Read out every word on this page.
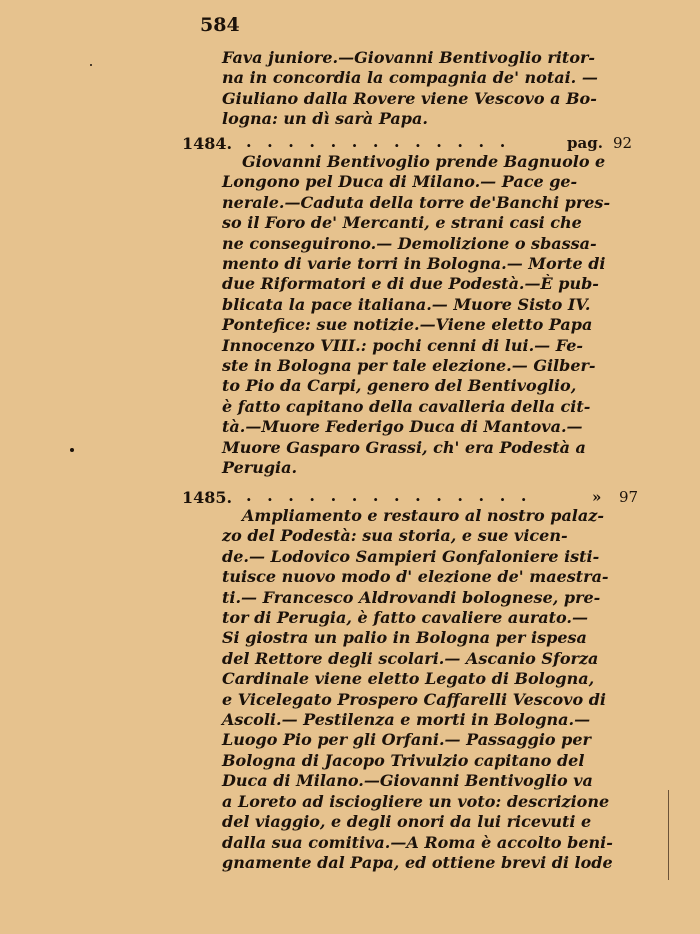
584
Fava juniore.—Giovanni Bentivoglio ritor-
na in concordia la compagnia de' notai. —
Giuliano dalla Rovere viene Vescovo a Bo-
logna: un dì sarà Papa.
1484. . . . . . . . . . . . . .	pag. 92
Giovanni Bentivoglio prende Bagnuolo e
Longono pel Duca di Milano.— Pace ge-
nerale.—Caduta della torre de'Banchi pres-
so il Foro de' Mercanti, e strani casi che
ne conseguirono.— Demolizione o sbassa-
mento di varie torri in Bologna.— Morte di
due Riformatori e di due Podestà.—È pub-
blicata la pace italiana.— Muore Sisto IV.
Pontefice: sue notizie.—Viene eletto Papa
Innocenzo VIII.: pochi cenni di lui.— Fe-
ste in Bologna per tale elezione.— Gilber-
to Pio da Carpi, genero del Bentivoglio,
è fatto capitano della cavalleria della cit-
tà.—Muore Federigo Duca di Mantova.—
Muore Gasparo Grassi, ch' era Podestà a
Perugia.
1485. . . . . . . . . . . . . . .	» 97
Ampliamento e restauro al nostro palaz-
zo del Podestà: sua storia, e sue vicen-
de.— Lodovico Sampieri Gonfaloniere isti-
tuisce nuovo modo d' elezione de' maestra-
ti.— Francesco Aldrovandi bolognese, pre-
tor di Perugia, è fatto cavaliere aurato.—
Si giostra un palio in Bologna per ispesa
del Rettore degli scolari.— Ascanio Sforza
Cardinale viene eletto Legato di Bologna,
e Vicelegato Prospero Caffarelli Vescovo di
Ascoli.— Pestilenza e morti in Bologna.—
Luogo Pio per gli Orfani.— Passaggio per
Bologna di Jacopo Trivulzio capitano del
Duca di Milano.—Giovanni Bentivoglio va
a Loreto ad isciogliere un voto: descrizione
del viaggio, e degli onori da lui ricevuti e
dalla sua comitiva.—A Roma è accolto beni-
gnamente dal Papa, ed ottiene brevi di lode
